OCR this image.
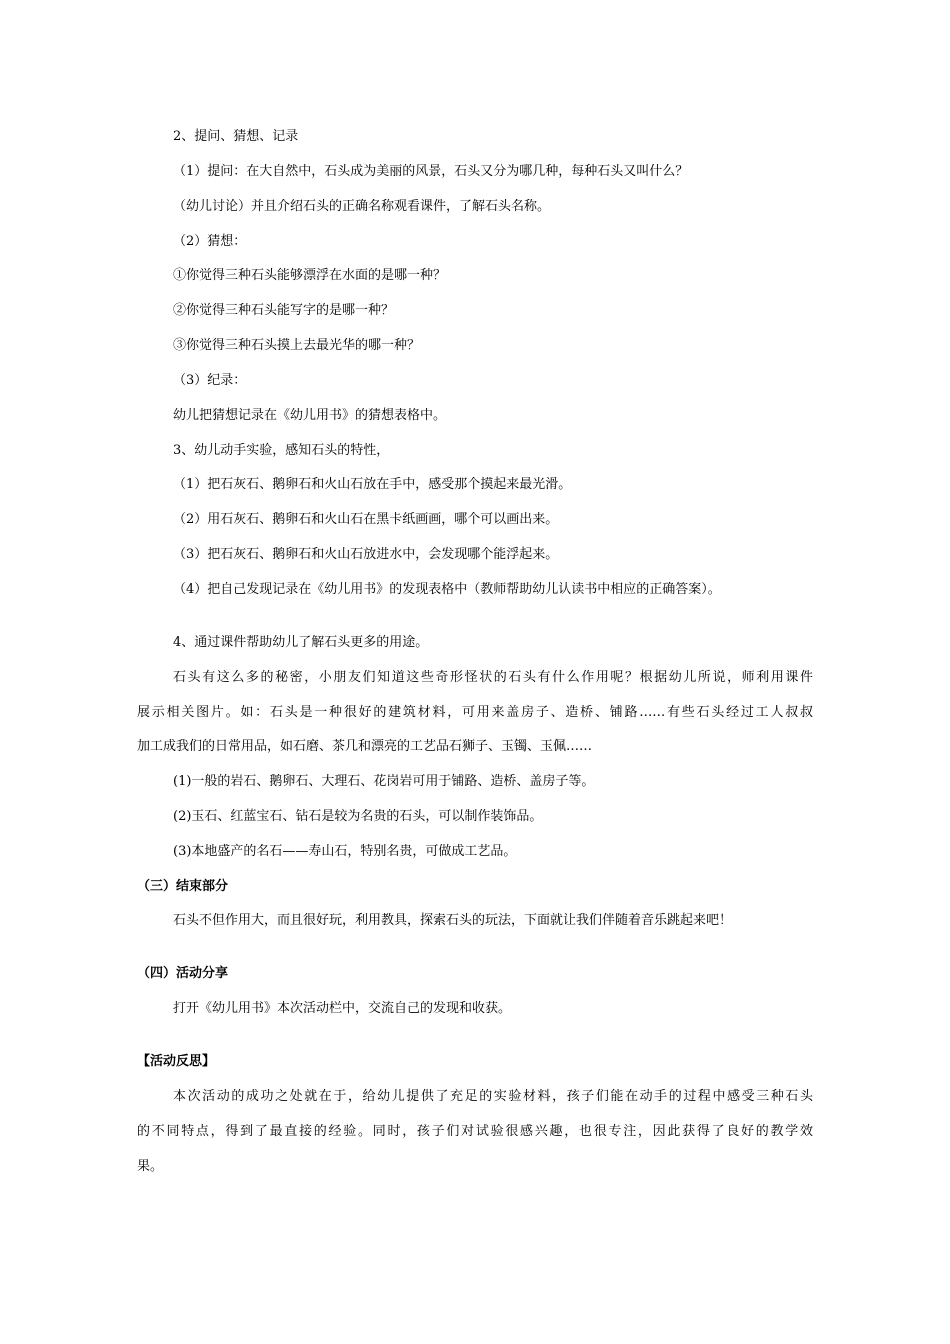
2、提问、猜想、记录
（1）提问：在大自然中，石头成为美丽的风景，石头又分为哪几种，每种石头又叫什么？
（幼儿讨论）并且介绍石头的正确名称观看课件，了解石头名称。
（2）猜想：
①你觉得三种石头能够漂浮在水面的是哪一种？
②你觉得三种石头能写字的是哪一种？
③你觉得三种石头摸上去最光华的哪一种？
（3）纪录：
幼儿把猜想记录在《幼儿用书》的猜想表格中。
3、幼儿动手实验，感知石头的特性，
（1）把石灰石、鹅卵石和火山石放在手中，感受那个摸起来最光滑。
（2）用石灰石、鹅卵石和火山石在黑卡纸画画，哪个可以画出来。
（3）把石灰石、鹅卵石和火山石放进水中，会发现哪个能浮起来。
（4）把自己发现记录在《幼儿用书》的发现表格中（教师帮助幼儿认读书中相应的正确答案）。
4、通过课件帮助幼儿了解石头更多的用途。
石头有这么多的秘密，小朋友们知道这些奇形怪状的石头有什么作用呢？根据幼儿所说，师利用课件
展示相关图片。如：石头是一种很好的建筑材料，可用来盖房子、造桥、铺路……有些石头经过工人叔叔
加工成我们的日常用品，如石磨、茶几和漂亮的工艺品石狮子、玉镯、玉佩……
(1)一般的岩石、鹅卵石、大理石、花岗岩可用于铺路、造桥、盖房子等。
(2)玉石、红蓝宝石、钻石是较为名贵的石头，可以制作装饰品。
(3)本地盛产的名石——寿山石，特别名贵，可做成工艺品。
（三）结束部分
石头不但作用大，而且很好玩，利用教具，探索石头的玩法，下面就让我们伴随着音乐跳起来吧！
（四）活动分享
打开《幼儿用书》本次活动栏中，交流自己的发现和收获。
【活动反思】
本次活动的成功之处就在于，给幼儿提供了充足的实验材料，孩子们能在动手的过程中感受三种石头
的不同特点，得到了最直接的经验。同时，孩子们对试验很感兴趣，也很专注，因此获得了良好的教学效
果。
